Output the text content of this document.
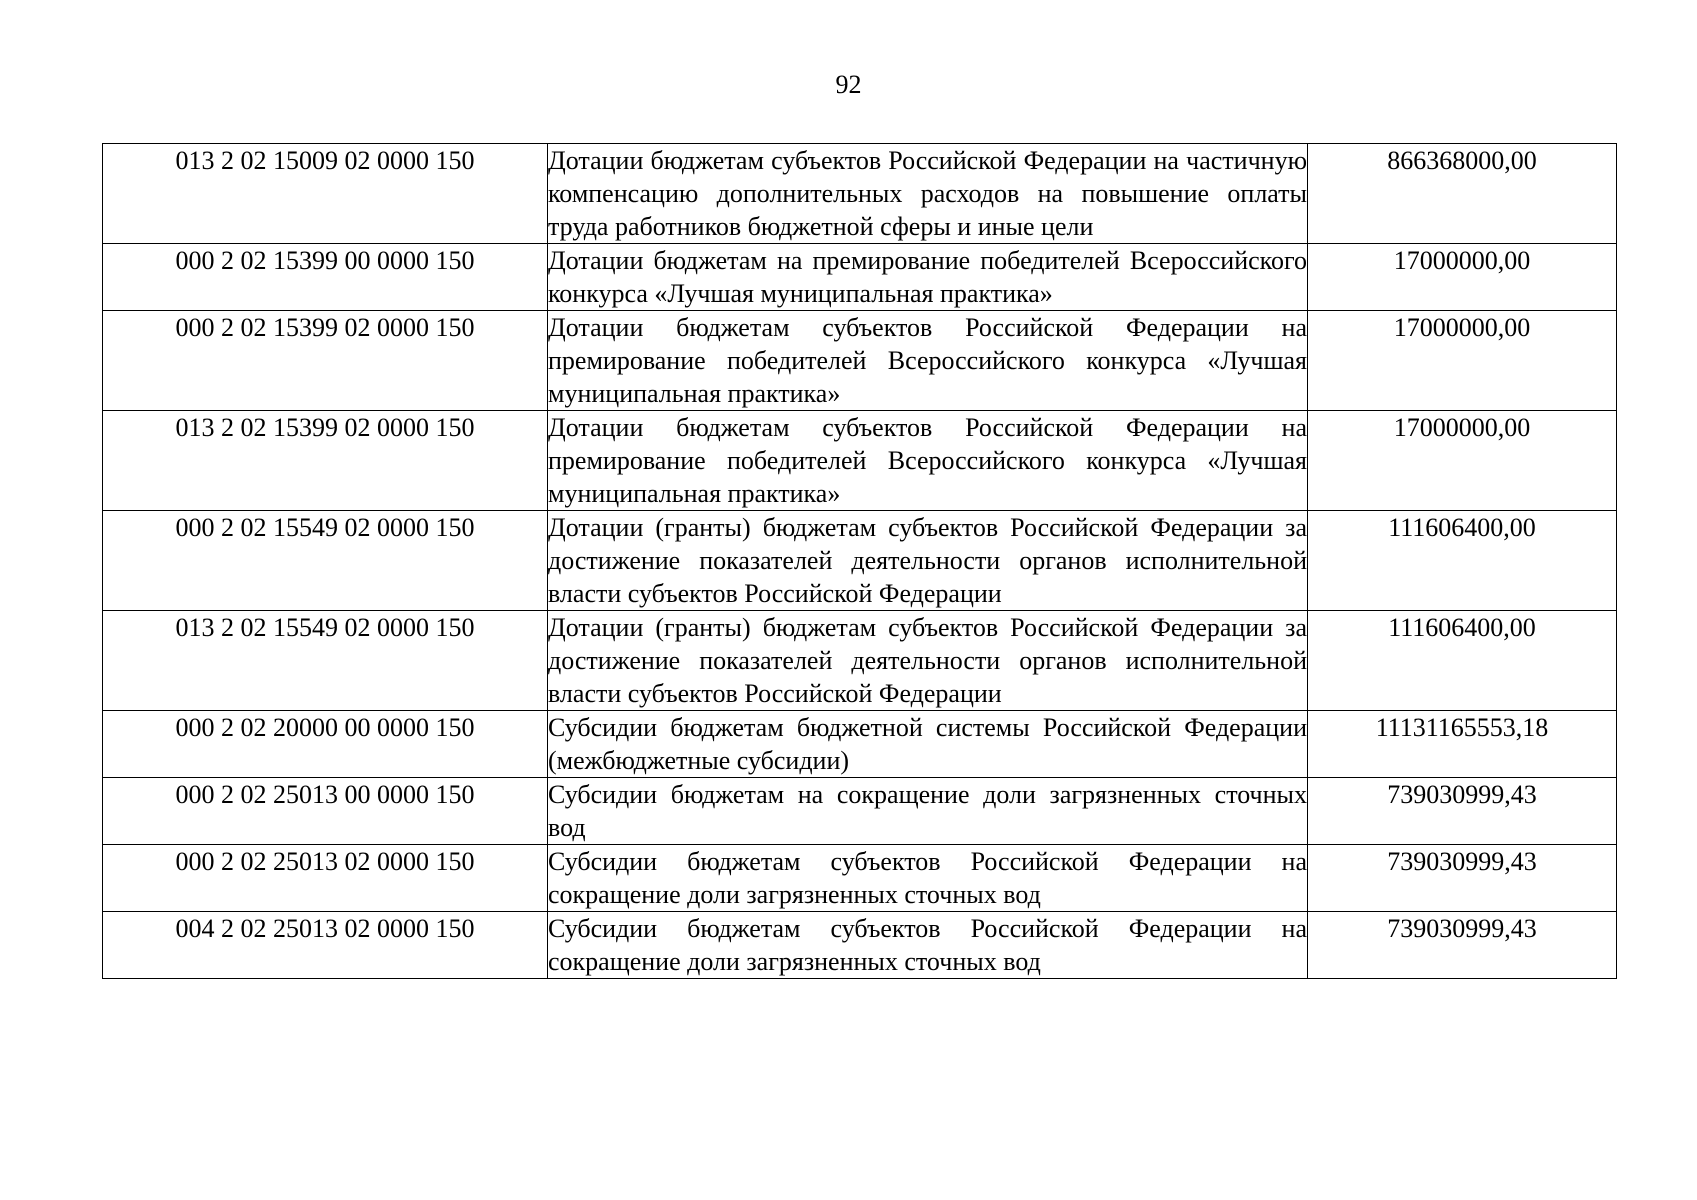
92
013 2 02 15009 02 0000 150	Дотации бюджетам субъектов Российской Федерации на частичную компенсацию дополнительных расходов на повышение оплаты труда работников бюджетной сферы и иные цели	866368000,00
000 2 02 15399 00 0000 150	Дотации бюджетам на премирование победителей Всероссийского конкурса «Лучшая муниципальная практика»	17000000,00
000 2 02 15399 02 0000 150	Дотации бюджетам субъектов Российской Федерации на премирование победителей Всероссийского конкурса «Лучшая муниципальная практика»	17000000,00
013 2 02 15399 02 0000 150	Дотации бюджетам субъектов Российской Федерации на премирование победителей Всероссийского конкурса «Лучшая муниципальная практика»	17000000,00
000 2 02 15549 02 0000 150	Дотации (гранты) бюджетам субъектов Российской Федерации за достижение показателей деятельности органов исполнительной власти субъектов Российской Федерации	111606400,00
013 2 02 15549 02 0000 150	Дотации (гранты) бюджетам субъектов Российской Федерации за достижение показателей деятельности органов исполнительной власти субъектов Российской Федерации	111606400,00
000 2 02 20000 00 0000 150	Субсидии бюджетам бюджетной системы Российской Федерации (межбюджетные субсидии)	11131165553,18
000 2 02 25013 00 0000 150	Субсидии бюджетам на сокращение доли загрязненных сточных вод	739030999,43
000 2 02 25013 02 0000 150	Субсидии бюджетам субъектов Российской Федерации на сокращение доли загрязненных сточных вод	739030999,43
004 2 02 25013 02 0000 150	Субсидии бюджетам субъектов Российской Федерации на сокращение доли загрязненных сточных вод	739030999,43
